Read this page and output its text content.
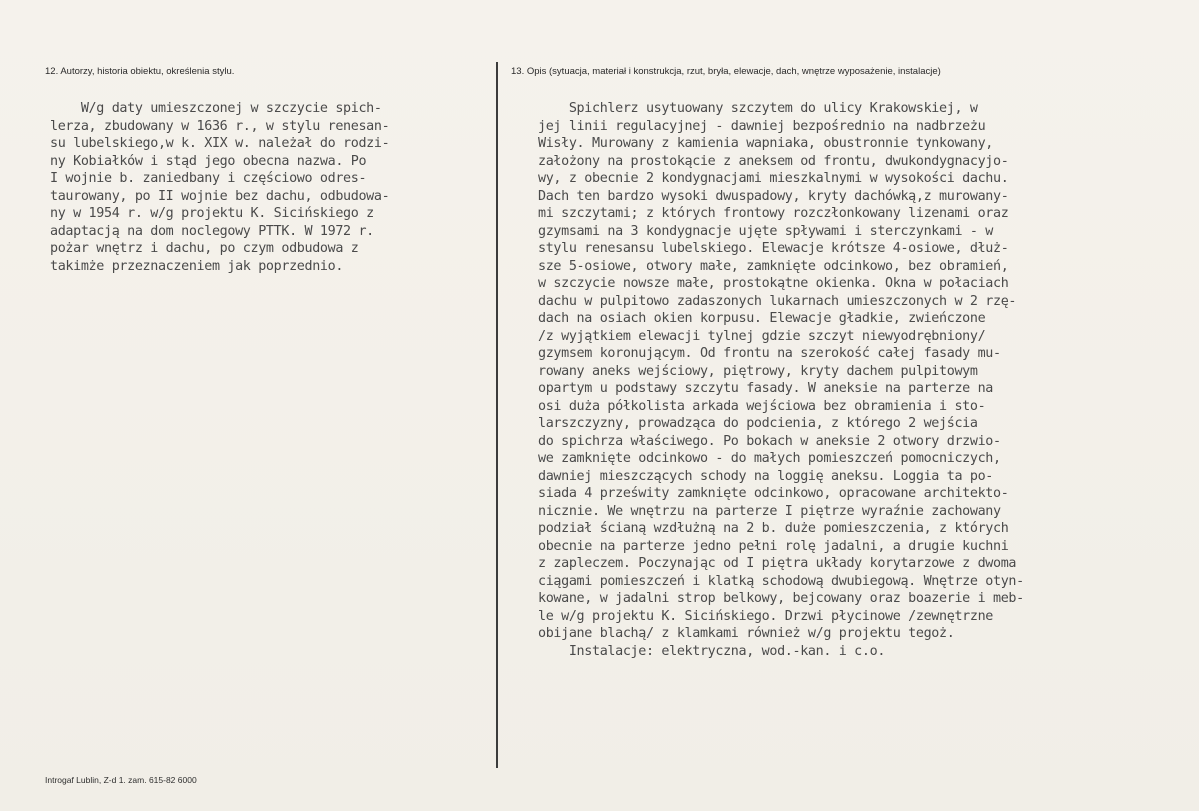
12. Autorzy, historia obiektu, określenia stylu.
W/g daty umieszczonej w szczycie spich-
lerza, zbudowany w 1636 r., w stylu renesan-
su lubelskiego,w k. XIX w. należał do rodzi-
ny Kobiałków i stąd jego obecna nazwa. Po
I wojnie b. zaniedbany i częściowo odres-
taurowany, po II wojnie bez dachu, odbudowa-
ny w 1954 r. w/g projektu K. Sicińskiego z
adaptacją na dom noclegowy PTTK. W 1972 r.
pożar wnętrz i dachu, po czym odbudowa z
takimże przeznaczeniem jak poprzednio.
13. Opis (sytuacja, materiał i konstrukcja, rzut, bryła, elewacje, dach, wnętrze wyposażenie, instalacje)
Spichlerz usytuowany szczytem do ulicy Krakowskiej, w
jej linii regulacyjnej - dawniej bezpośrednio na nadbrzeżu
Wisły. Murowany z kamienia wapniaka, obustronnie tynkowany,
założony na prostokącie z aneksem od frontu, dwukondygnacyjo-
wy, z obecnie 2 kondygnacjami mieszkalnymi w wysokości dachu.
Dach ten bardzo wysoki dwuspadowy, kryty dachówką,z murowany-
mi szczytami; z których frontowy rozczłonkowany lizenami oraz
gzymsami na 3 kondygnacje ujęte spływami i sterczynkami - w
stylu renesansu lubelskiego. Elewacje krótsze 4-osiowe, dłuż-
sze 5-osiowe, otwory małe, zamknięte odcinkowo, bez obramień,
w szczycie nowsze małe, prostokątne okienka. Okna w połaciach
dachu w pulpitowo zadaszonych lukarnach umieszczonych w 2 rzę-
dach na osiach okien korpusu. Elewacje gładkie, zwieńczone
/z wyjątkiem elewacji tylnej gdzie szczyt niewyodrębniony/
gzymsem koronującym. Od frontu na szerokość całej fasady mu-
rowany aneks wejściowy, piętrowy, kryty dachem pulpitowym
opartym u podstawy szczytu fasady. W aneksie na parterze na
osi duża półkolista arkada wejściowa bez obramienia i sto-
larszczyzny, prowadząca do podcienia, z którego 2 wejścia
do spichrza właściwego. Po bokach w aneksie 2 otwory drzwio-
we zamknięte odcinkowo - do małych pomieszczeń pomocniczych,
dawniej mieszczących schody na loggię aneksu. Loggia ta po-
siada 4 prześwity zamknięte odcinkowo, opracowane architekto-
nicznie. We wnętrzu na parterze I piętrze wyraźnie zachowany
podział ścianą wzdłużną na 2 b. duże pomieszczenia, z których
obecnie na parterze jedno pełni rolę jadalni, a drugie kuchni
z zapleczem. Poczynając od I piętra układy korytarzowe z dwoma
ciągami pomieszczeń i klatką schodową dwubiegową. Wnętrze otyn-
kowane, w jadalni strop belkowy, bejcowany oraz boazerie i meb-
le w/g projektu K. Sicińskiego. Drzwi płycinowe /zewnętrzne
obijane blachą/ z klamkami również w/g projektu tegoż.
Instalacje: elektryczna, wod.-kan. i c.o.
Introgaf Lublin, Z-d 1. zam. 615-82 6000
